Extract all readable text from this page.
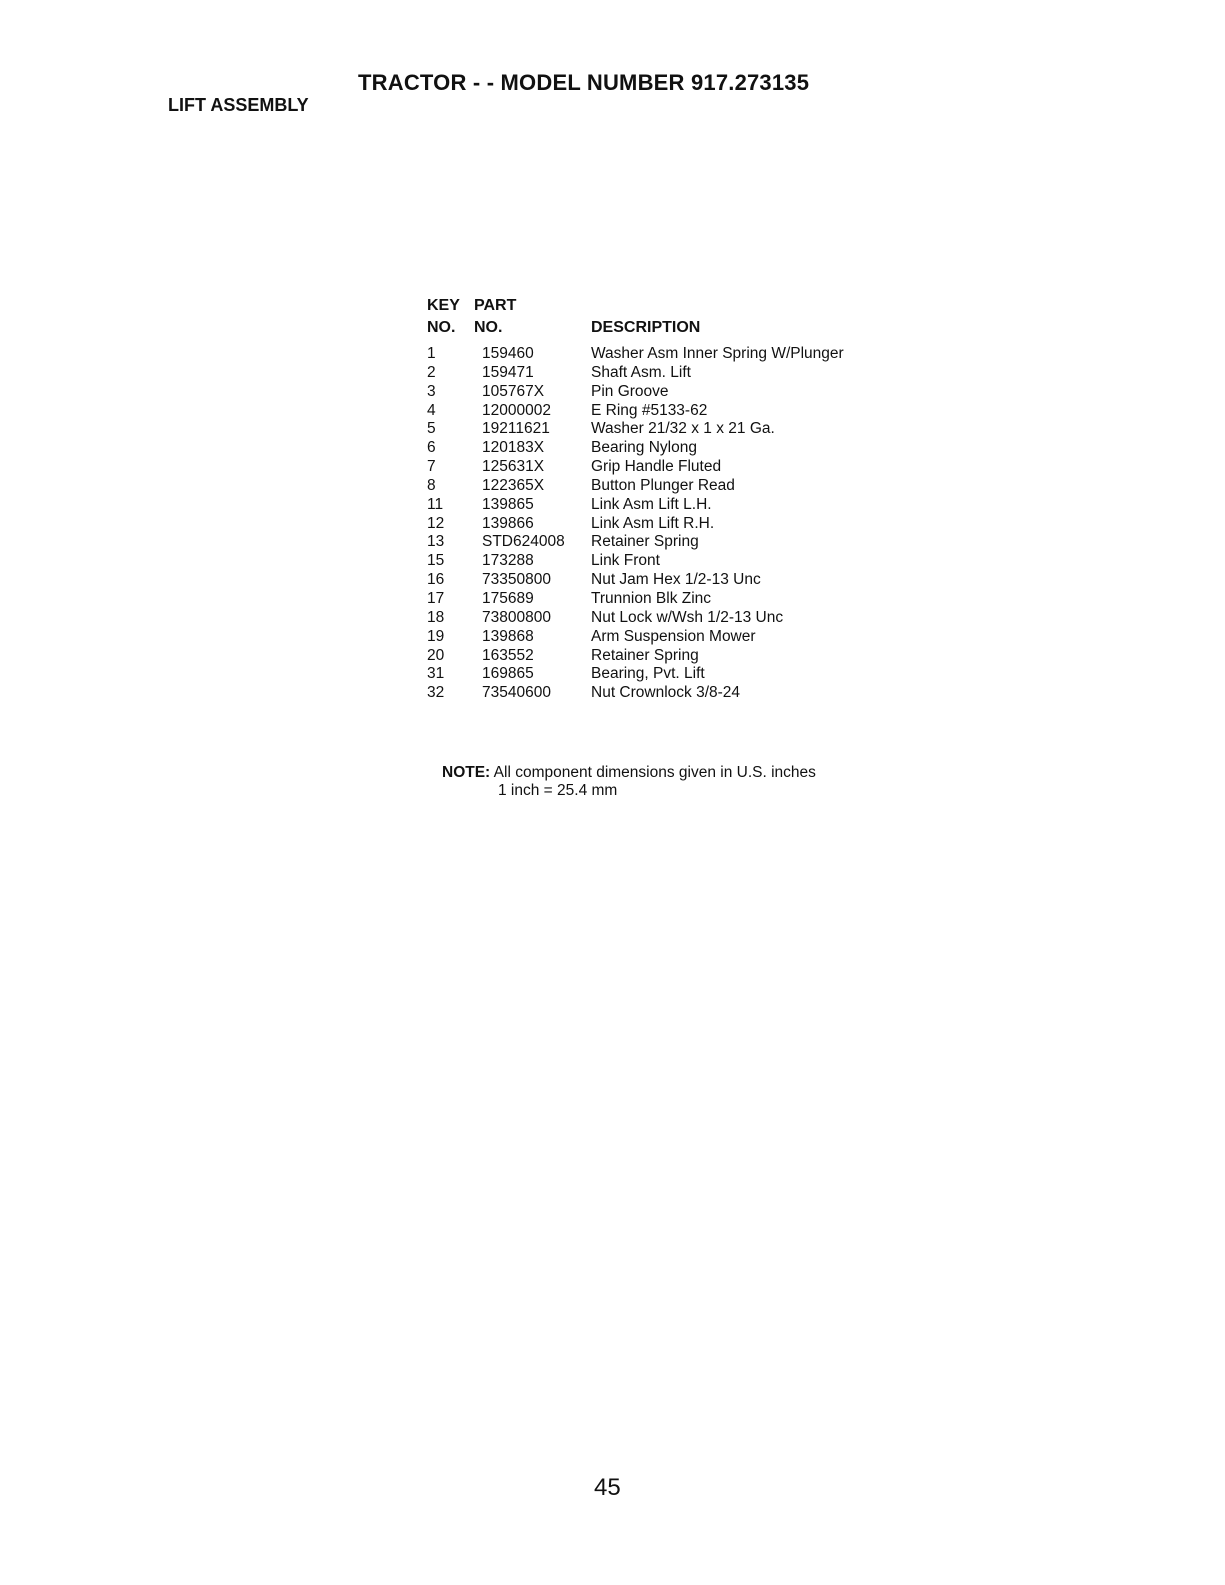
TRACTOR - - MODEL NUMBER 917.273135
LIFT ASSEMBLY
KEY PART
NO. NO.	DESCRIPTION
1	159460	Washer Asm Inner Spring W/Plunger
2	159471	Shaft Asm. Lift
3	105767X	Pin Groove
4	12000002	E Ring #5133-62
5	19211621	Washer 21/32 x 1 x 21 Ga.
6	120183X	Bearing Nylong
7	125631X	Grip Handle Fluted
8	122365X	Button Plunger Read
11	139865	Link Asm Lift L.H.
12 139866	Link Asm Lift R.H.
13 STD624008 Retainer Spring
15 173288	Link Front
16 73350800	Nut Jam Hex 1/2-13 Unc
17 175689	Trunnion Blk Zinc
18 73800800	Nut Lock w/Wsh 1/2-13 Unc
19 139868	Arm Suspension Mower
20 163552	Retainer Spring
31 169865	Bearing, Pvt. Lift
32 73540600	Nut Crownlock 3/8-24
NOTE: All component dimensions given in U.S. inches
1 inch = 25.4 mm
45
